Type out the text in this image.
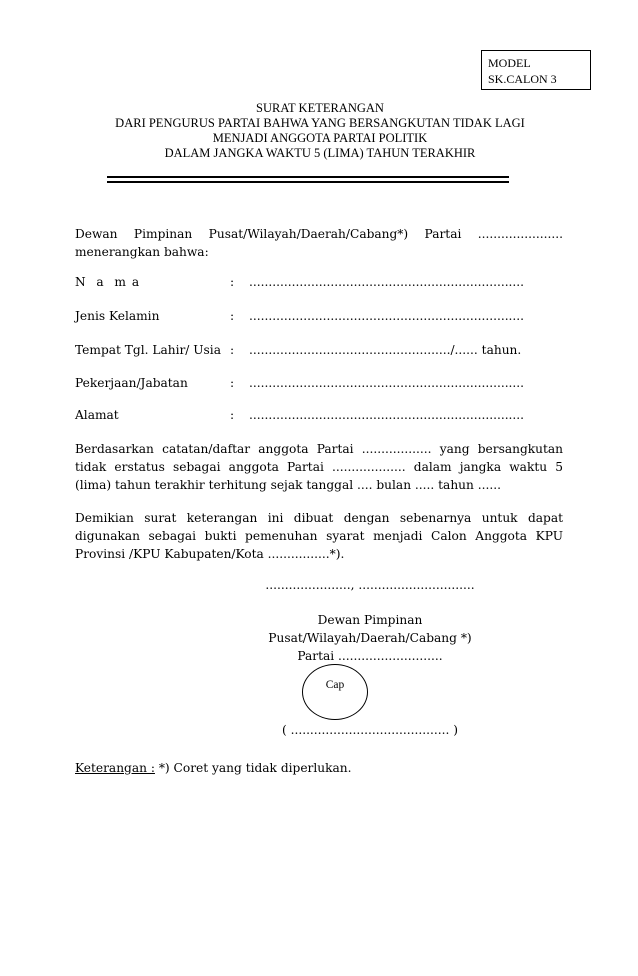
MODEL
SK.CALON 3
SURAT KETERANGAN
DARI PENGURUS PARTAI BAHWA YANG BERSANGKUTAN TIDAK LAGI
MENJADI ANGGOTA PARTAI POLITIK
DALAM JANGKA WAKTU 5 (LIMA) TAHUN TERAKHIR
Dewan Pimpinan Pusat/Wilayah/Daerah/Cabang*) Partai ...................... menerangkan bahwa:
N  a  m a	: .......................................................................
Jenis Kelamin	: .......................................................................
Tempat Tgl. Lahir/ Usia : ..................................................../...... tahun.
Pekerjaan/Jabatan	: .......................................................................
Alamat	: .......................................................................
Berdasarkan catatan/daftar anggota Partai .................. yang bersangkutan tidak erstatus sebagai anggota Partai ................... dalam jangka waktu 5 (lima) tahun terakhir terhitung sejak tanggal .... bulan ..... tahun ......
Demikian surat keterangan ini dibuat dengan sebenarnya untuk dapat digunakan sebagai bukti pemenuhan syarat menjadi Calon Anggota KPU Provinsi /KPU Kabupaten/Kota ................*).
......................, ..............................
Dewan Pimpinan
Pusat/Wilayah/Daerah/Cabang *)
Partai ...........................
Cap
( ......................................... )
Keterangan : *) Coret yang tidak diperlukan.
